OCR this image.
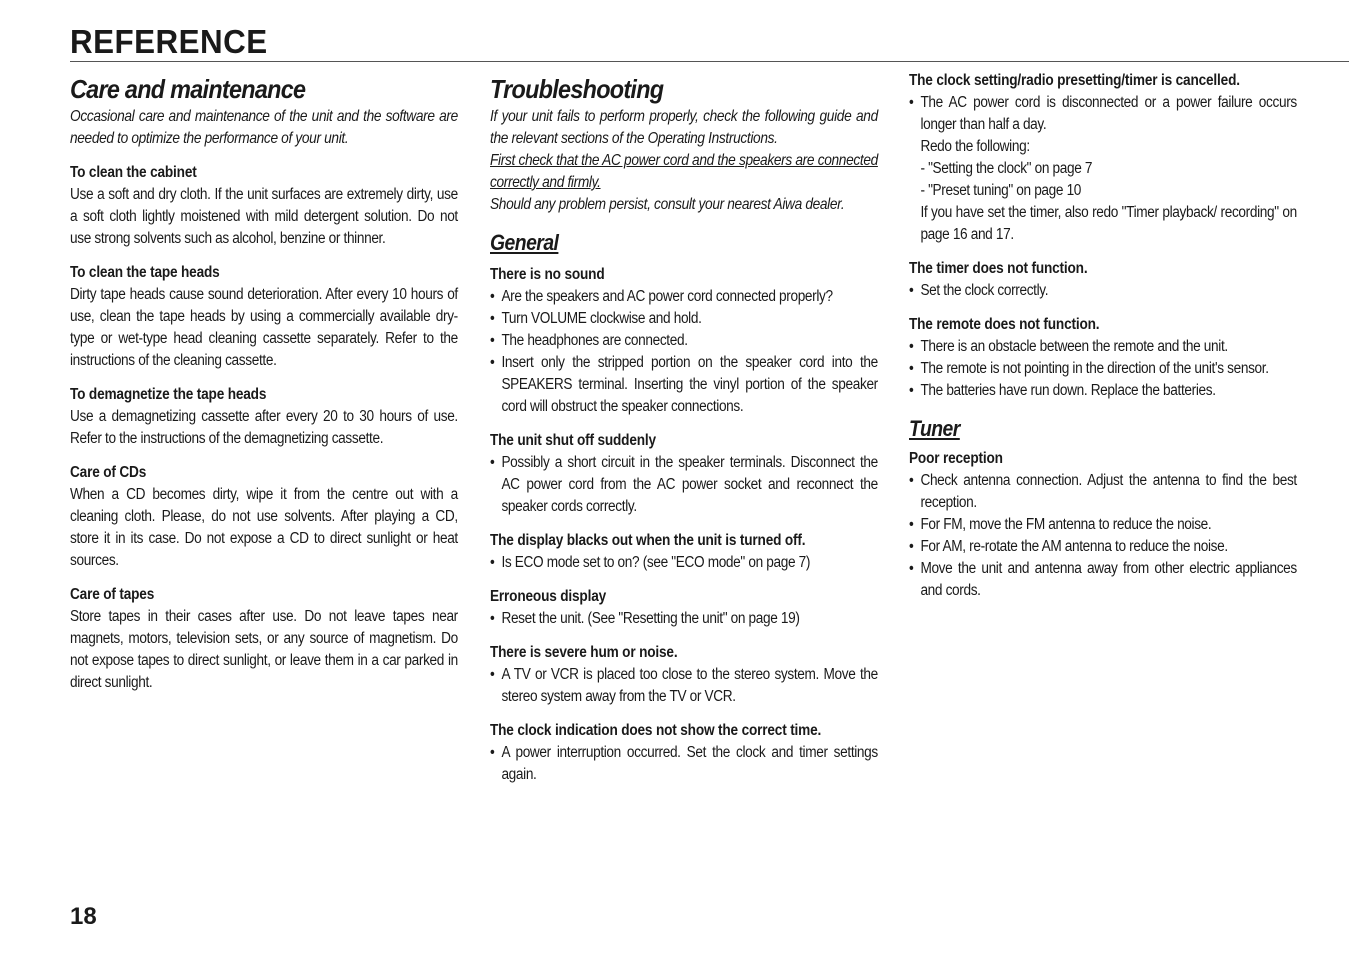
REFERENCE
Care and maintenance

Occasional care and maintenance of the unit and the software are needed to optimize the performance of your unit.

To clean the cabinet

Use a soft and dry cloth. If the unit surfaces are extremely dirty, use a soft cloth lightly moistened with mild detergent solution. Do not use strong solvents such as alcohol, benzine or thinner.

To clean the tape heads

Dirty tape heads cause sound deterioration. After every 10 hours of use, clean the tape heads by using a commercially available dry-type or wet-type head cleaning cassette separately. Refer to the instructions of the cleaning cassette.

To demagnetize the tape heads

Use a demagnetizing cassette after every 20 to 30 hours of use. Refer to the instructions of the demagnetizing cassette.

Care of CDs

When a CD becomes dirty, wipe it from the centre out with a cleaning cloth. Please, do not use solvents. After playing a CD, store it in its case. Do not expose a CD to direct sunlight or heat sources.

Care of tapes

Store tapes in their cases after use. Do not leave tapes near magnets, motors, television sets, or any source of magnetism. Do not expose tapes to direct sunlight, or leave them in a car parked in direct sunlight.

Troubleshooting

If your unit fails to perform properly, check the following guide and the relevant sections of the Operating Instructions.

First check that the AC power cord and the speakers are connected correctly and firmly.

Should any problem persist, consult your nearest Aiwa dealer.

General
There is no sound
• Are the speakers and AC power cord connected properly?
• Turn VOLUME clockwise and hold.
• The headphones are connected.
• Insert only the stripped portion on the speaker cord into the SPEAKERS terminal. Inserting the vinyl portion of the speaker cord will obstruct the speaker connections.
The unit shut off suddenly
• Possibly a short circuit in the speaker terminals. Disconnect the AC power cord from the AC power socket and reconnect the speaker cords correctly.
The display blacks out when the unit is turned off.
• Is ECO mode set to on? (see "ECO mode" on page 7)
Erroneous display
• Reset the unit. (See "Resetting the unit" on page 19)
There is severe hum or noise.
• A TV or VCR is placed too close to the stereo system. Move the stereo system away from the TV or VCR.
The clock indication does not show the correct time.
• A power interruption occurred. Set the clock and timer settings again.
The clock setting/radio presetting/timer is cancelled.
• The AC power cord is disconnected or a power failure occurs longer than half a day.

Redo the following:

- "Setting the clock" on page 7

- "Preset tuning" on page 10

If you have set the timer, also redo "Timer playback/ recording" on page 16 and 17.

The timer does not function.
• Set the clock correctly.
The remote does not function.
• There is an obstacle between the remote and the unit.
• The remote is not pointing in the direction of the unit's sensor.
• The batteries have run down. Replace the batteries.
Tuner
Poor reception
• Check antenna connection. Adjust the antenna to find the best reception.
• For FM, move the FM antenna to reduce the noise.
• For AM, re-rotate the AM antenna to reduce the noise.
• Move the unit and antenna away from other electric appliances and cords.
18
